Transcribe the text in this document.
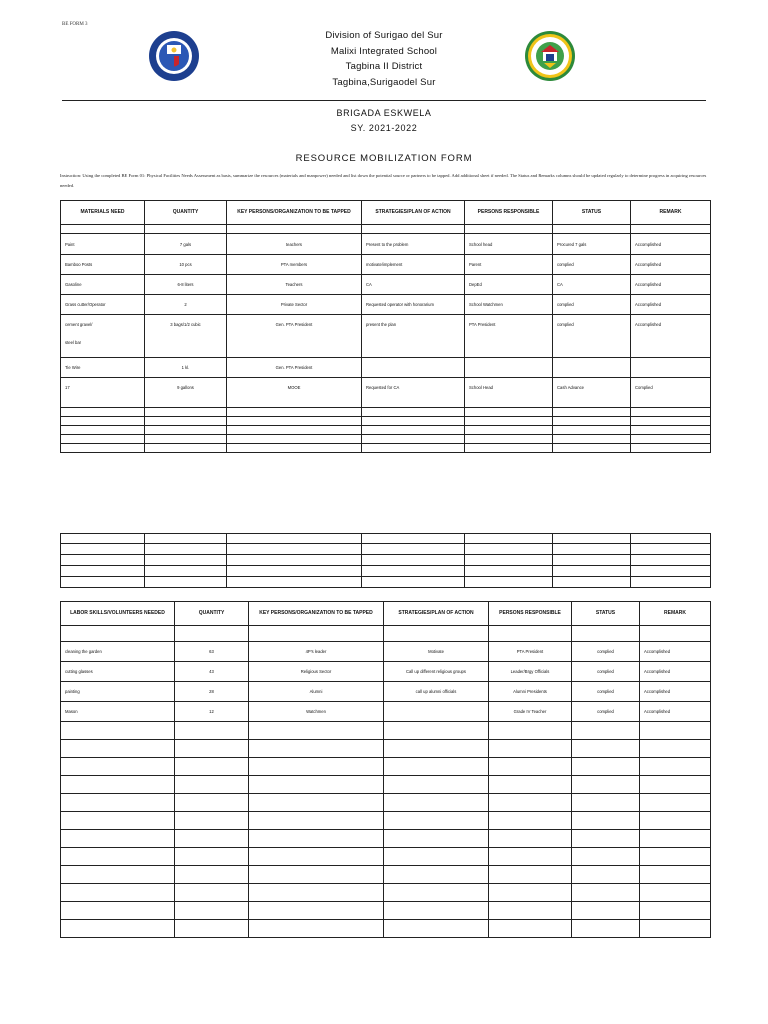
BE FORM 3
Division of Surigao del Sur
Malixi Integrated School
Tagbina II District
Tagbina,Surigaodel Sur
BRIGADA ESKWELA
SY. 2021-2022
RESOURCE MOBILIZATION FORM
Instruction: Using the completed BE Form 01: Physical Facilities Needs Assessment as basis, summarize the resources (materials and manpower) needed and list down the potential source or partners to be tapped. Add additional sheet if needed. The Status and Remarks columns should be updated regularly to determine progress in acquiring resources needed.
MATERIALS NEED	QUANTITY	KEY PERSONS/ORGANIZATION TO BE TAPPED	STRATEGIES/PLAN OF ACTION	PERSONS RESPONSIBLE	STATUS	REMARK

Paint	7 gals	teachers	Present to the problem	School head	Procured 7 gals	Accomplished
Bamboo Posts	10 pcs	PTA members	motivate/implement	Parent	complied	Accomplished
Gasoline	6-8 liters	Teachers	CA	DepEd	CA	Accomplished
Grass cutter/Operator	2	Private Sector	Requested operator with honorarium	School Watchmen	complied	Accomplished

cement gravel/
steel bar	3 bags/1/2 cubic	Gen. PTA President	present the plan	PTA President	complied	Accomplished
Tie Wire	1 kl.	Gen. PTA President				
17	9 gallons	MOOE	Requested for CA	School Head	Cash Advance	Complied

LABOR SKILLS/VOLUNTEERS NEEDED	QUANTITY	KEY PERSONS/ORGANIZATION TO BE TAPPED	STRATEGIES/PLAN OF ACTION	PERSONS RESPONSIBLE	STATUS	REMARK

cleaning the garden	63	4P's leader	Motivate	PTA President	complied	Accomplished
cutting glasses	43	Religious Sector	Call up different religious groups	Leader/Brgy Officials	complied	Accomplished
painting	28	Alumni	call up alumni officials	Alumni Presidents	complied	Accomplished
Mason	12	Watchmen		Grade IV Teacher	complied	Accomplished
